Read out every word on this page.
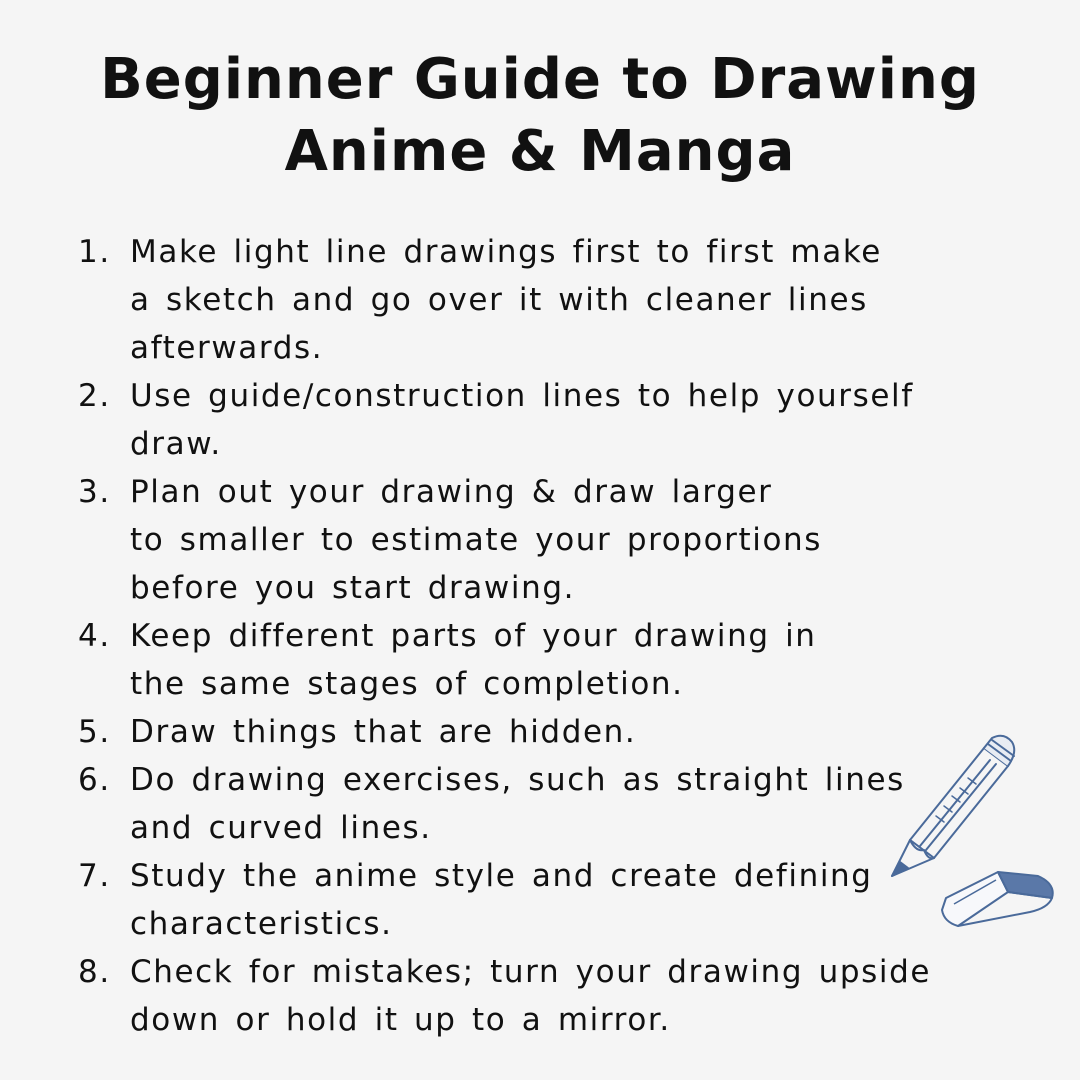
Beginner Guide to Drawing
Anime & Manga
1. Make light line drawings first to first make
a sketch and go over it with cleaner lines
afterwards.
2. Use guide/construction lines to help yourself
draw.
3. Plan out your drawing & draw larger
to smaller to estimate your proportions
before you start drawing.
4. Keep different parts of your drawing in
the same stages of completion.
5. Draw things that are hidden.
6. Do drawing exercises, such as straight lines
and curved lines.
7. Study the anime style and create defining
characteristics.
8. Check for mistakes; turn your drawing upside
down or hold it up to a mirror.
